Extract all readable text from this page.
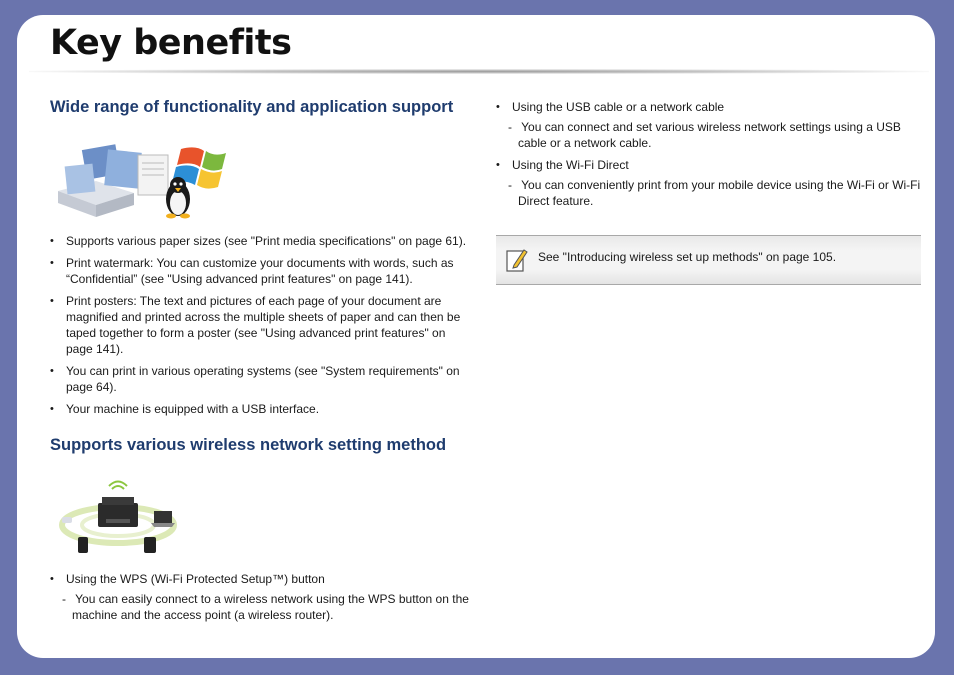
Key benefits
Wide range of functionality and application support
• Supports various paper sizes (see "Print media specifications" on page 61).
• Print watermark: You can customize your documents with words, such as “Confidential” (see "Using advanced print features" on page 141).
• Print posters: The text and pictures of each page of your document are magnified and printed across the multiple sheets of paper and can then be taped together to form a poster (see "Using advanced print features" on page 141).
• You can print in various operating systems (see "System requirements" on page 64).
• Your machine is equipped with a USB interface.
Supports various wireless network setting method
• Using the WPS (Wi-Fi Protected Setup™) button
- You can easily connect to a wireless network using the WPS button on the machine and the access point (a wireless router).
• Using the USB cable or a network cable
- You can connect and set various wireless network settings using a USB cable or a network cable.
• Using the Wi-Fi Direct
- You can conveniently print from your mobile device using the Wi-Fi or Wi-Fi Direct feature.
See "Introducing wireless set up methods" on page 105.
